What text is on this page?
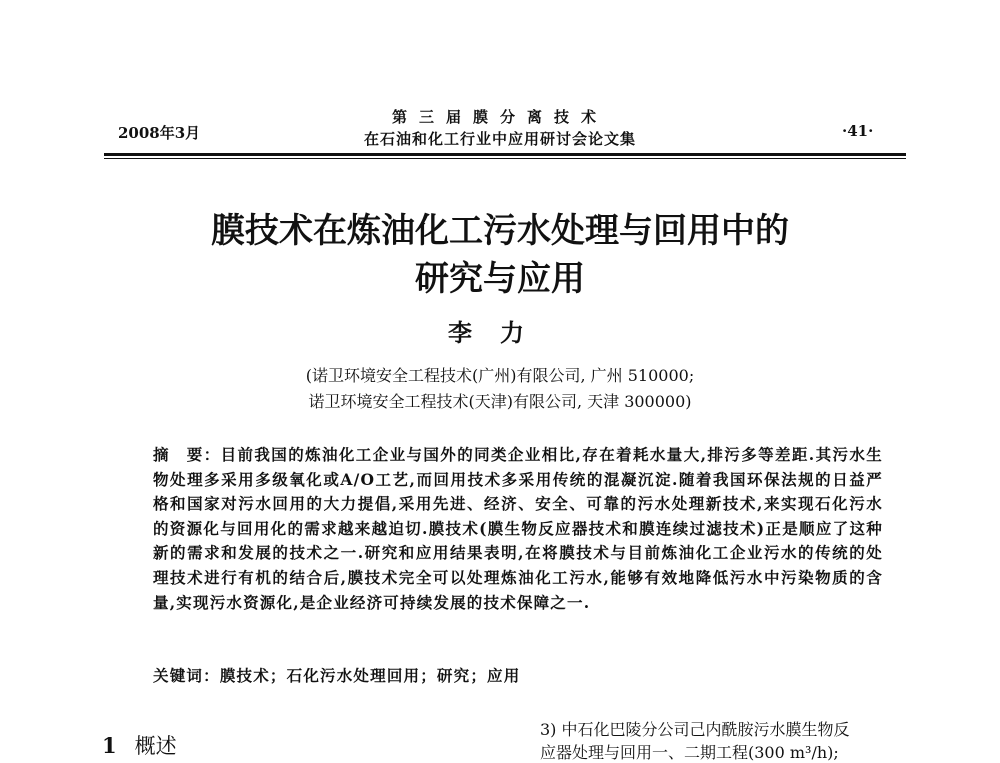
2008年3月
第三届膜分离技术
在石油和化工行业中应用研讨会论文集	·41·
膜技术在炼油化工污水处理与回用中的
研究与应用
李力
(诺卫环境安全工程技术(广州)有限公司, 广州 510000;
诺卫环境安全工程技术(天津)有限公司, 天津 300000)
摘　要：目前我国的炼油化工企业与国外的同类企业相比,存在着耗水量大,排污多等差距.其污水生物处理多采用多级氧化或A/O工艺,而回用技术多采用传统的混凝沉淀.随着我国环保法规的日益严格和国家对污水回用的大力提倡,采用先进、经济、安全、可靠的污水处理新技术,来实现石化污水的资源化与回用化的需求越来越迫切.膜技术(膜生物反应器技术和膜连续过滤技术)正是顺应了这种新的需求和发展的技术之一.研究和应用结果表明,在将膜技术与目前炼油化工企业污水的传统的处理技术进行有机的结合后,膜技术完全可以处理炼油化工污水,能够有效地降低污水中污染物质的含量,实现污水资源化,是企业经济可持续发展的技术保障之一.
关键词：膜技术；石化污水处理回用；研究；应用
1 概述
3) 中石化巴陵分公司己内酰胺污水膜生物反
应器处理与回用一、二期工程(300 m³/h);
